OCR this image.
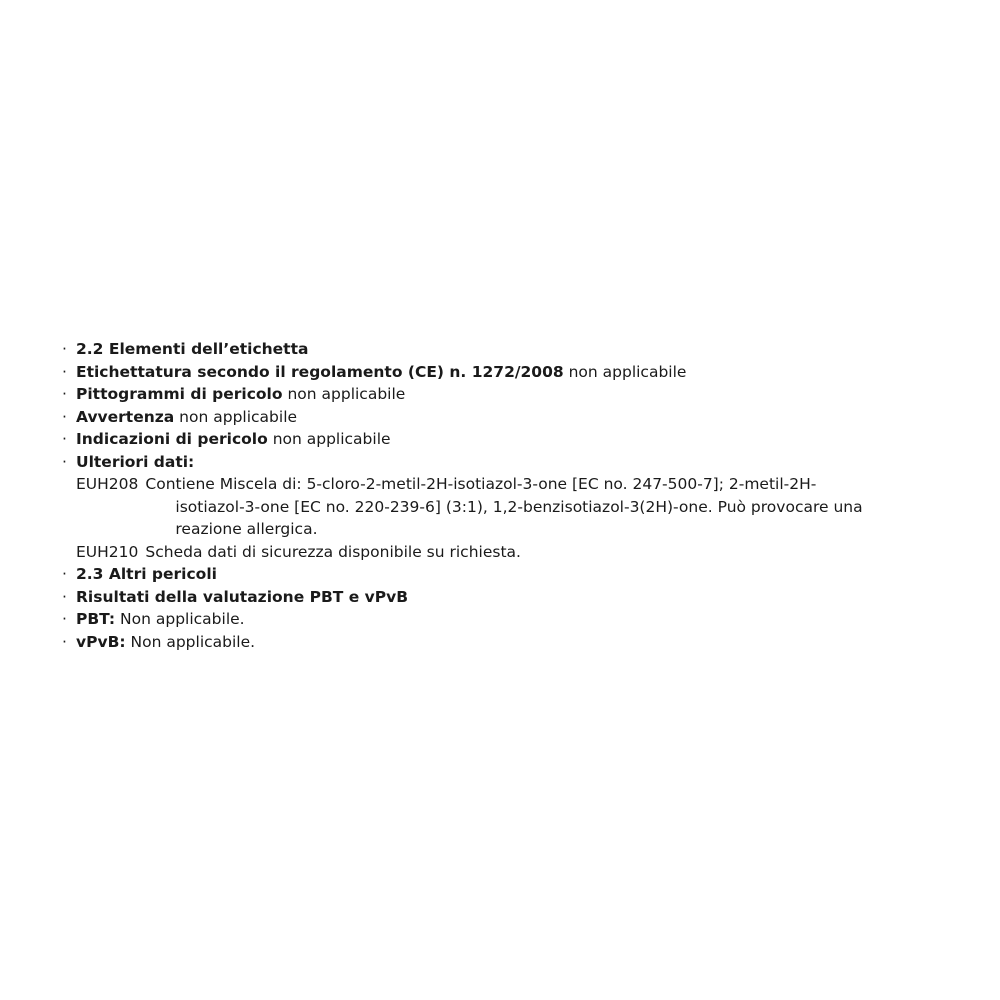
· 2.2 Elementi dell’etichetta
· Etichettatura secondo il regolamento (CE) n. 1272/2008 non applicabile
· Pittogrammi di pericolo non applicabile
· Avvertenza non applicabile
· Indicazioni di pericolo non applicabile
· Ulteriori dati:
EUH208 Contiene Miscela di: 5-cloro-2-metil-2H-isotiazol-3-one [EC no. 247-500-7]; 2-metil-2H-
isotiazol-3-one [EC no. 220-239-6] (3:1), 1,2-benzisotiazol-3(2H)-one. Può provocare una
reazione allergica.
EUH210 Scheda dati di sicurezza disponibile su richiesta.
· 2.3 Altri pericoli
· Risultati della valutazione PBT e vPvB
· PBT: Non applicabile.
· vPvB: Non applicabile.
